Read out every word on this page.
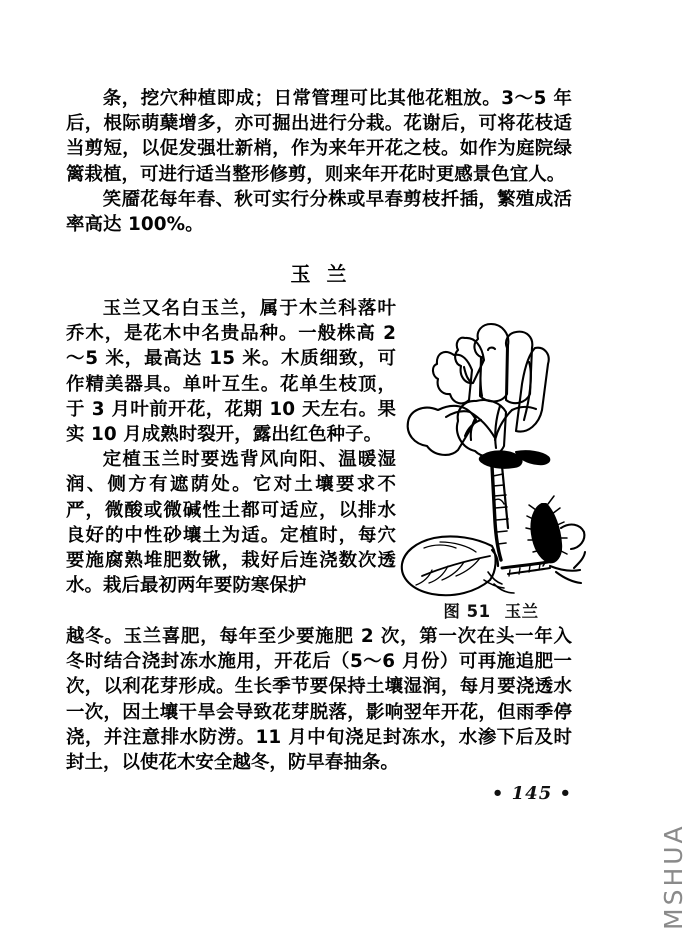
条，挖穴种植即成；日常管理可比其他花粗放。3～5 年后，根际萌蘖增多，亦可掘出进行分栽。花谢后，可将花枝适当剪短，以促发强壮新梢，作为来年开花之枝。如作为庭院绿篱栽植，可进行适当整形修剪，则来年开花时更感景色宜人。

笑靥花每年春、秋可实行分株或早春剪枝扦插，繁殖成活率高达 100%。

玉兰

玉兰又名白玉兰，属于木兰科落叶乔木，是花木中名贵品种。一般株高 2～5 米，最高达 15 米。木质细致，可作精美器具。单叶互生。花单生枝顶，于 3 月叶前开花，花期 10 天左右。果实 10 月成熟时裂开，露出红色种子。

定植玉兰时要选背风向阳、温暖湿润、侧方有遮荫处。它对土壤要求不严，微酸或微碱性土都可适应，以排水良好的中性砂壤土为适。定植时，每穴要施腐熟堆肥数锹，栽好后连浇数次透水。栽后最初两年要防寒保护

越冬。玉兰喜肥，每年至少要施肥 2 次，第一次在头一年入冬时结合浇封冻水施用，开花后（5～6 月份）可再施追肥一次，以利花芽形成。生长季节要保持土壤湿润，每月要浇透水一次，因土壤干旱会导致花芽脱落，影响翌年开花，但雨季停浇，并注意排水防涝。11 月中旬浇足封冻水，水渗下后及时封土，以使花木安全越冬，防早春抽条。

图 51 玉兰
• 145 •
MSHUA
